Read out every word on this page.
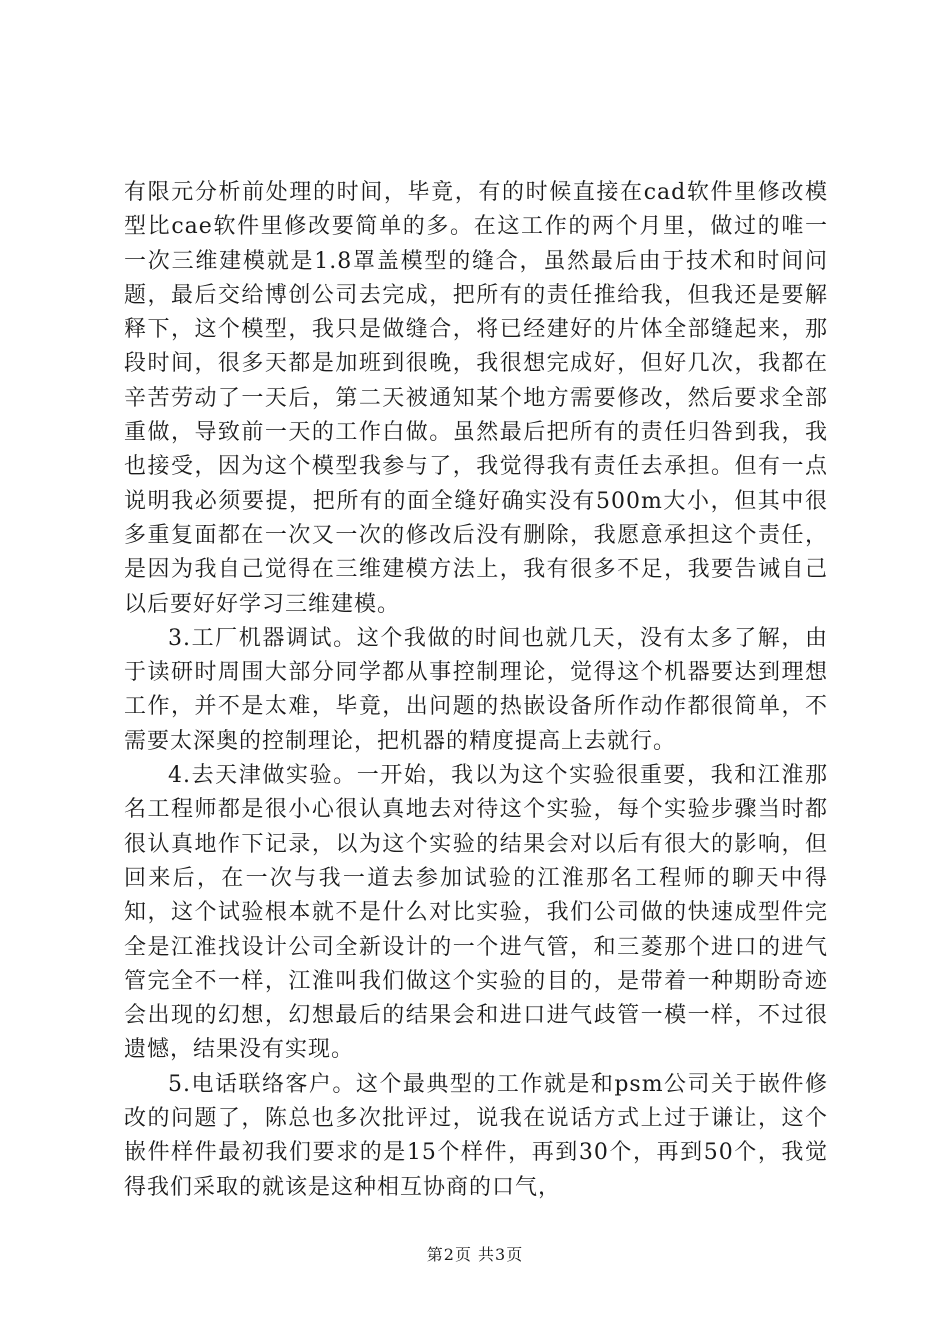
有限元分析前处理的时间，毕竟，有的时候直接在cad软件里修改模型比cae软件里修改要简单的多。在这工作的两个月里，做过的唯一一次三维建模就是1.8罩盖模型的缝合，虽然最后由于技术和时间问题，最后交给博创公司去完成，把所有的责任推给我，但我还是要解释下，这个模型，我只是做缝合，将已经建好的片体全部缝起来，那段时间，很多天都是加班到很晚，我很想完成好，但好几次，我都在辛苦劳动了一天后，第二天被通知某个地方需要修改，然后要求全部重做，导致前一天的工作白做。虽然最后把所有的责任归咎到我，我也接受，因为这个模型我参与了，我觉得我有责任去承担。但有一点说明我必须要提，把所有的面全缝好确实没有500m大小，但其中很多重复面都在一次又一次的修改后没有删除，我愿意承担这个责任，是因为我自己觉得在三维建模方法上，我有很多不足，我要告诫自己以后要好好学习三维建模。

3.工厂机器调试。这个我做的时间也就几天，没有太多了解，由于读研时周围大部分同学都从事控制理论，觉得这个机器要达到理想工作，并不是太难，毕竟，出问题的热嵌设备所作动作都很简单，不需要太深奥的控制理论，把机器的精度提高上去就行。

4.去天津做实验。一开始，我以为这个实验很重要，我和江淮那名工程师都是很小心很认真地去对待这个实验，每个实验步骤当时都很认真地作下记录，以为这个实验的结果会对以后有很大的影响，但回来后，在一次与我一道去参加试验的江淮那名工程师的聊天中得知，这个试验根本就不是什么对比实验，我们公司做的快速成型件完全是江淮找设计公司全新设计的一个进气管，和三菱那个进口的进气管完全不一样，江淮叫我们做这个实验的目的，是带着一种期盼奇迹会出现的幻想，幻想最后的结果会和进口进气歧管一模一样，不过很遗憾，结果没有实现。

5.电话联络客户。这个最典型的工作就是和psm公司关于嵌件修改的问题了，陈总也多次批评过，说我在说话方式上过于谦让，这个嵌件样件最初我们要求的是15个样件，再到30个，再到50个，我觉得我们采取的就该是这种相互协商的口气，

第2页 共3页
